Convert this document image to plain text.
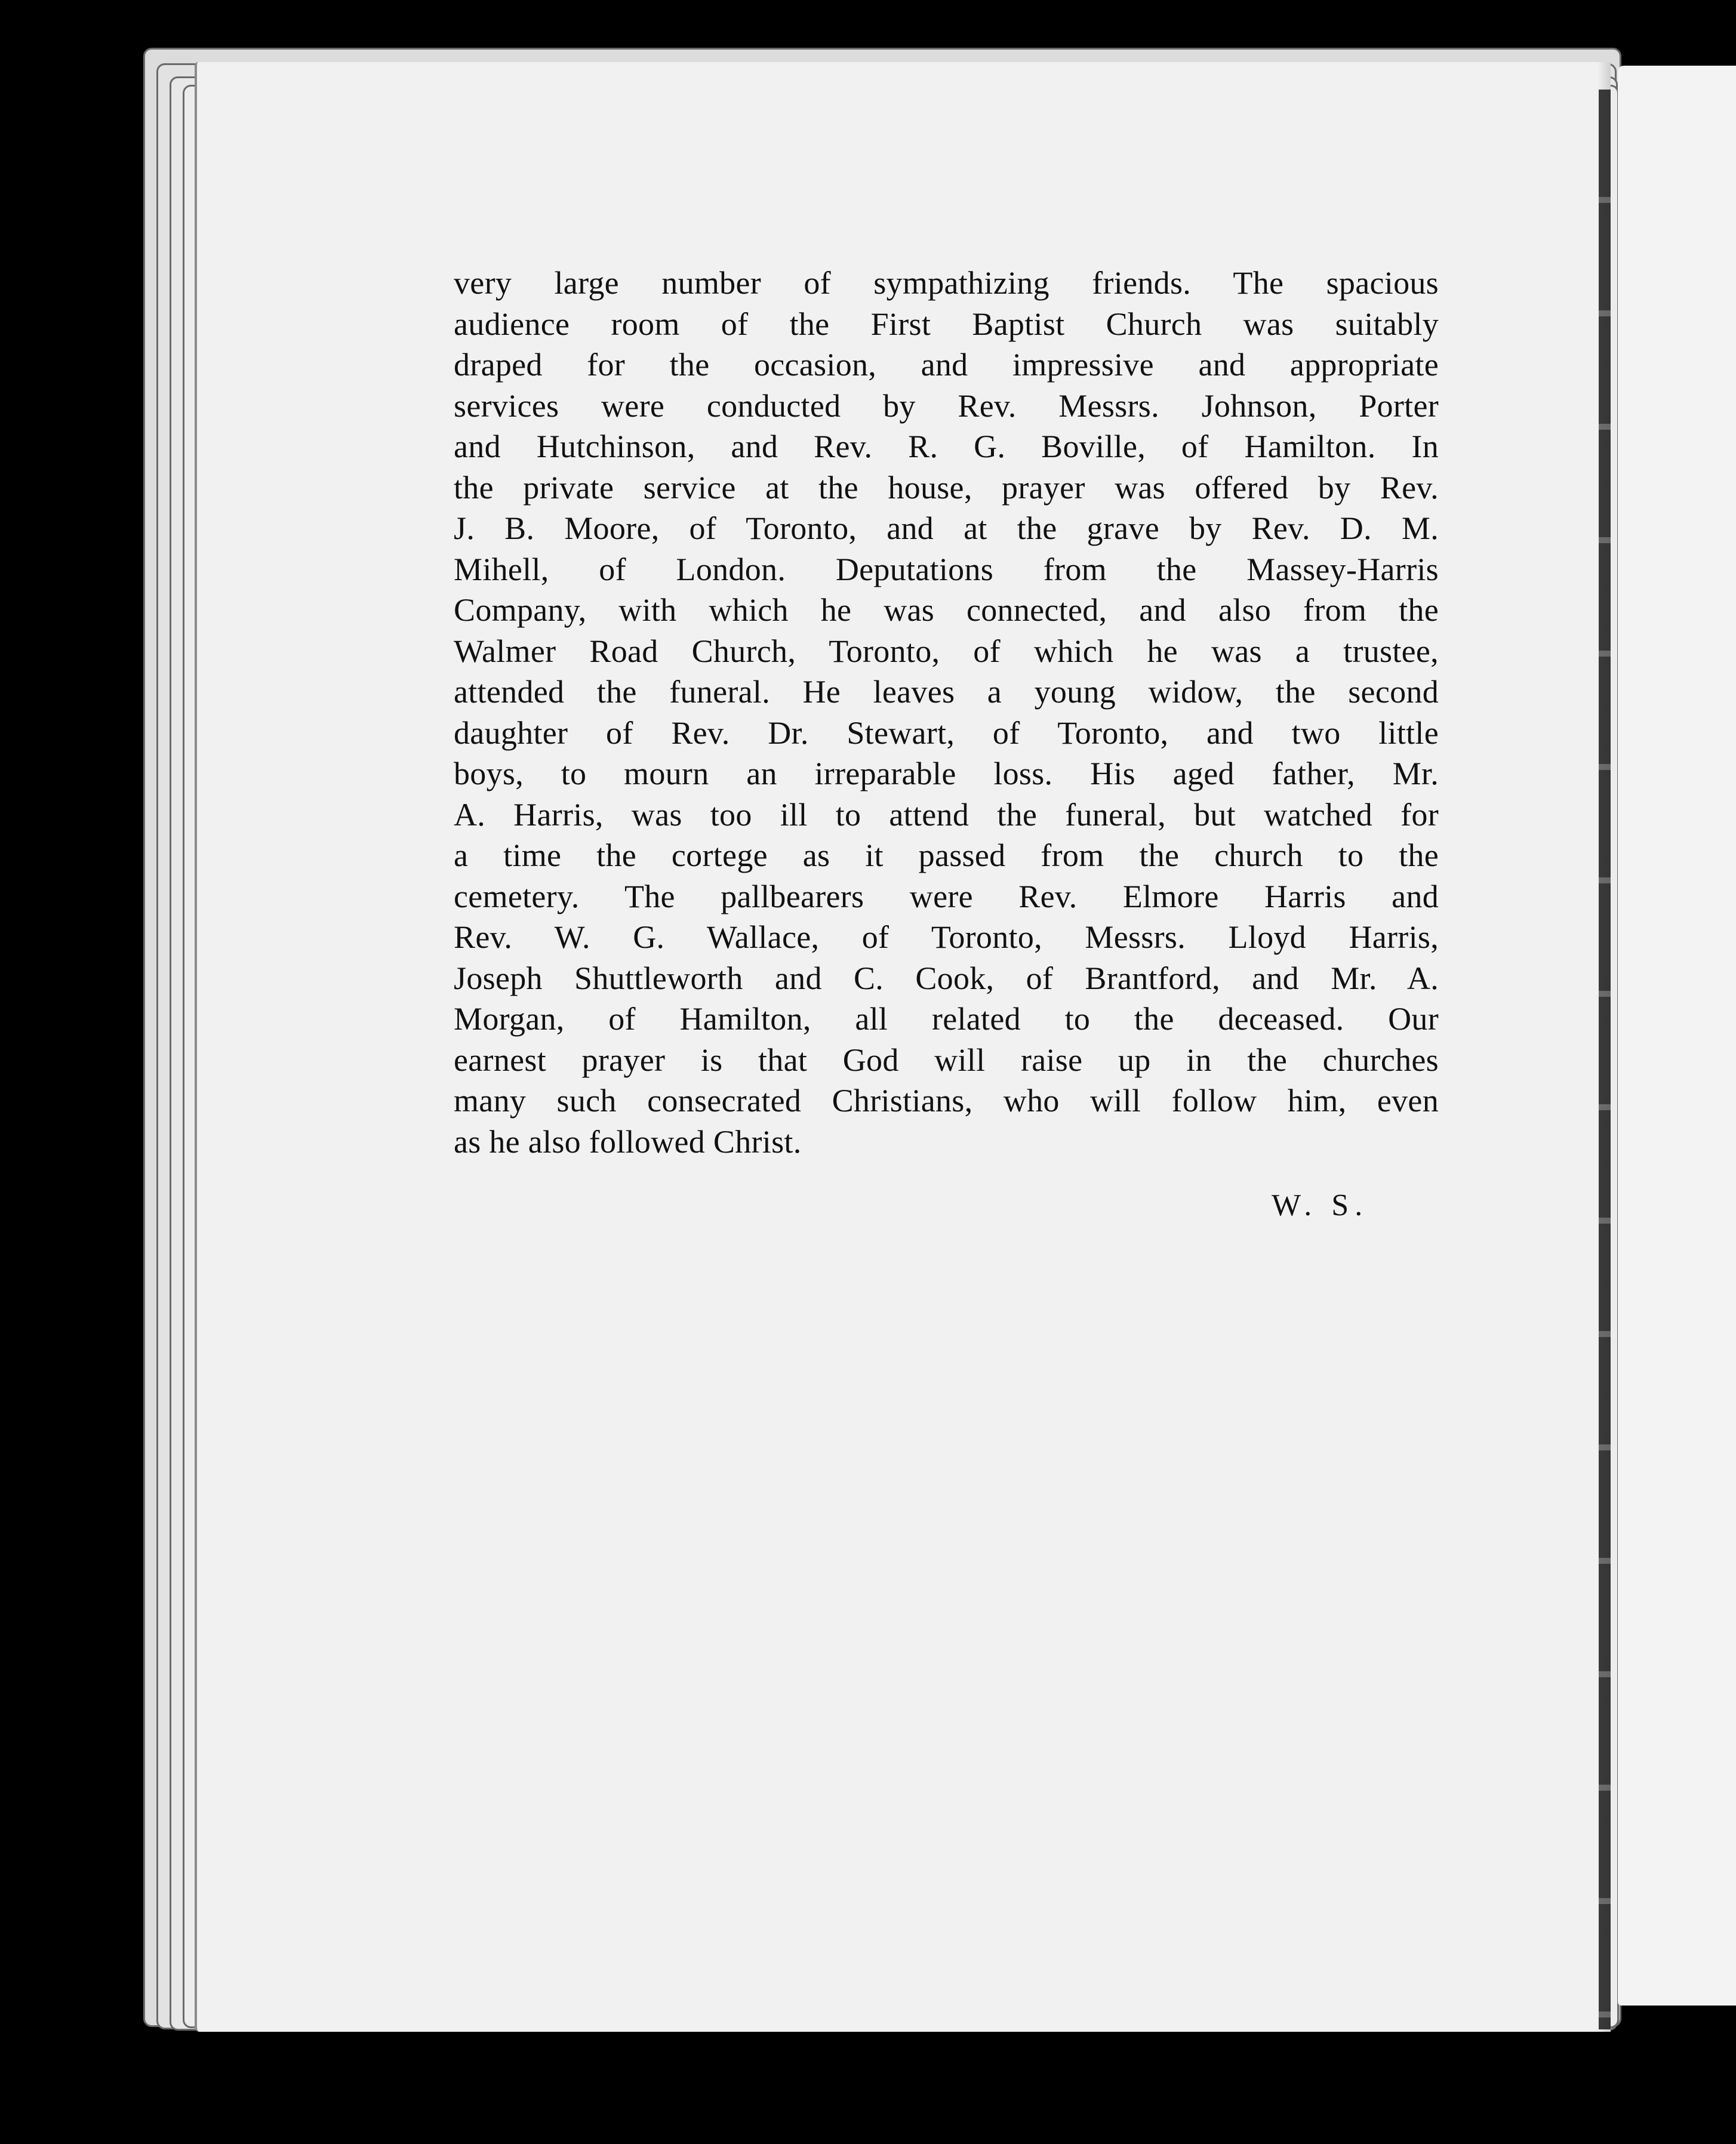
very large number of sympathizing friends. The spacious
audience room of the First Baptist Church was suitably
draped for the occasion, and impressive and appropriate
services were conducted by Rev. Messrs. Johnson, Porter
and Hutchinson, and Rev. R. G. Boville, of Hamilton. In
the private service at the house, prayer was offered by Rev.
J. B. Moore, of Toronto, and at the grave by Rev. D. M.
Mihell, of London. Deputations from the Massey-Harris
Company, with which he was connected, and also from the
Walmer Road Church, Toronto, of which he was a trustee,
attended the funeral. He leaves a young widow, the second
daughter of Rev. Dr. Stewart, of Toronto, and two little
boys, to mourn an irreparable loss. His aged father, Mr.
A. Harris, was too ill to attend the funeral, but watched for
a time the cortege as it passed from the church to the
cemetery. The pallbearers were Rev. Elmore Harris and
Rev. W. G. Wallace, of Toronto, Messrs. Lloyd Harris,
Joseph Shuttleworth and C. Cook, of Brantford, and Mr. A.
Morgan, of Hamilton, all related to the deceased. Our
earnest prayer is that God will raise up in the churches
many such consecrated Christians, who will follow him, even
as he also followed Christ.
W. S.
